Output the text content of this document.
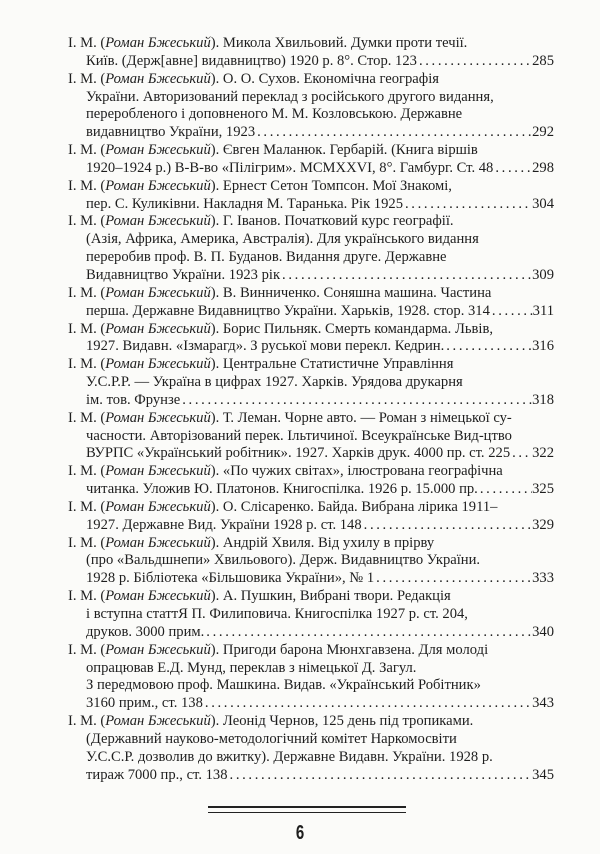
І. М. (Роман Бжеський). Микола Хвильовий. Думки проти течії.
Київ. (Держ[авне] видавництво) 1920 р. 8°. Стор. 123 . . .	285
І. М. (Роман Бжеський). О. О. Сухов. Економічна географія
України. Авторизований переклад з російського другого видання,
переробленого і доповненого М. М. Козловською. Державне
видавництво України, 1923 . . .	292
І. М. (Роман Бжеський). Євген Маланюк. Гербарій. (Книга віршів
1920–1924 р.) В-В-во «Пілігрим». MCMXXVI, 8°. Гамбург. Ст. 48 . . .	298
І. М. (Роман Бжеський). Ернест Сетон Томпсон. Мої Знакомі,
пер. С. Куликівни. Накладня М. Таранька. Рік 1925 . . .	304
І. М. (Роман Бжеський). Г. Іванов. Початковий курс географії.
(Азія, Африка, Америка, Австралія). Для українського видання
переробив проф. В. П. Буданов. Видання друге. Державне
Видавництво України. 1923 рік . . .	309
І. М. (Роман Бжеський). В. Винниченко. Соняшна машина. Частина
перша. Державне Видавництво України. Харьків, 1928. стор. 314 . . .	311
І. М. (Роман Бжеський). Борис Пильняк. Смерть командарма. Львів,
1927. Видавн. «Ізмарагд». З руської мови перекл. Кедрин. . . .	316
І. М. (Роман Бжеський). Центральне Статистичне Управління
У.С.Р.Р. — Україна в цифрах 1927. Харків. Урядова друкарня
ім. тов. Фрунзе . . .	318
І. М. (Роман Бжеський). Т. Леман. Чорне авто. — Роман з німецької су-
часности. Авторізований перек. Ільтичиної. Всеукраїнське Вид-цтво
ВУРПС «Український робітник». 1927. Харків друк. 4000 пр. ст. 225 . . . 322
І. М. (Роман Бжеський). «По чужих світах», ілюстрована географічна
читанка. Уложив Ю. Платонов. Книгоспілка. 1926 р. 15.000 пр. . . .	325
І. М. (Роман Бжеський). О. Слісаренко. Байда. Вибрана лірика 1911–
1927. Державне Вид. України 1928 р. ст. 148 . . .	329
І. М. (Роман Бжеський). Андрій Хвиля. Від ухилу в прірву
(про «Вальдшнепи» Хвильового). Держ. Видавництво України.
1928 р. Бібліотека «Більшовика України», № 1 . . .	333
І. М. (Роман Бжеський). А. Пушкин, Вибрані твори. Редакція
і вступна статтЯ П. Филиповича. Книгоспілка 1927 р. ст. 204,
друков. 3000 прим. . . .	340
І. М. (Роман Бжеський). Пригоди барона Мюнхгавзена. Для молоді
опрацював Е.Д. Мунд, переклав з німецької Д. Загул.
З передмовою проф. Машкина. Видав. «Український Робітник»
3160 прим., ст. 138 . . .	343
І. М. (Роман Бжеський). Леонід Чернов, 125 день під тропиками.
(Державний науково-методологічний комітет Наркомосвіти
У.С.С.Р. дозволив до вжитку). Державне Видавн. України. 1928 р.
тираж 7000 пр., ст. 138 . . .	345
6
